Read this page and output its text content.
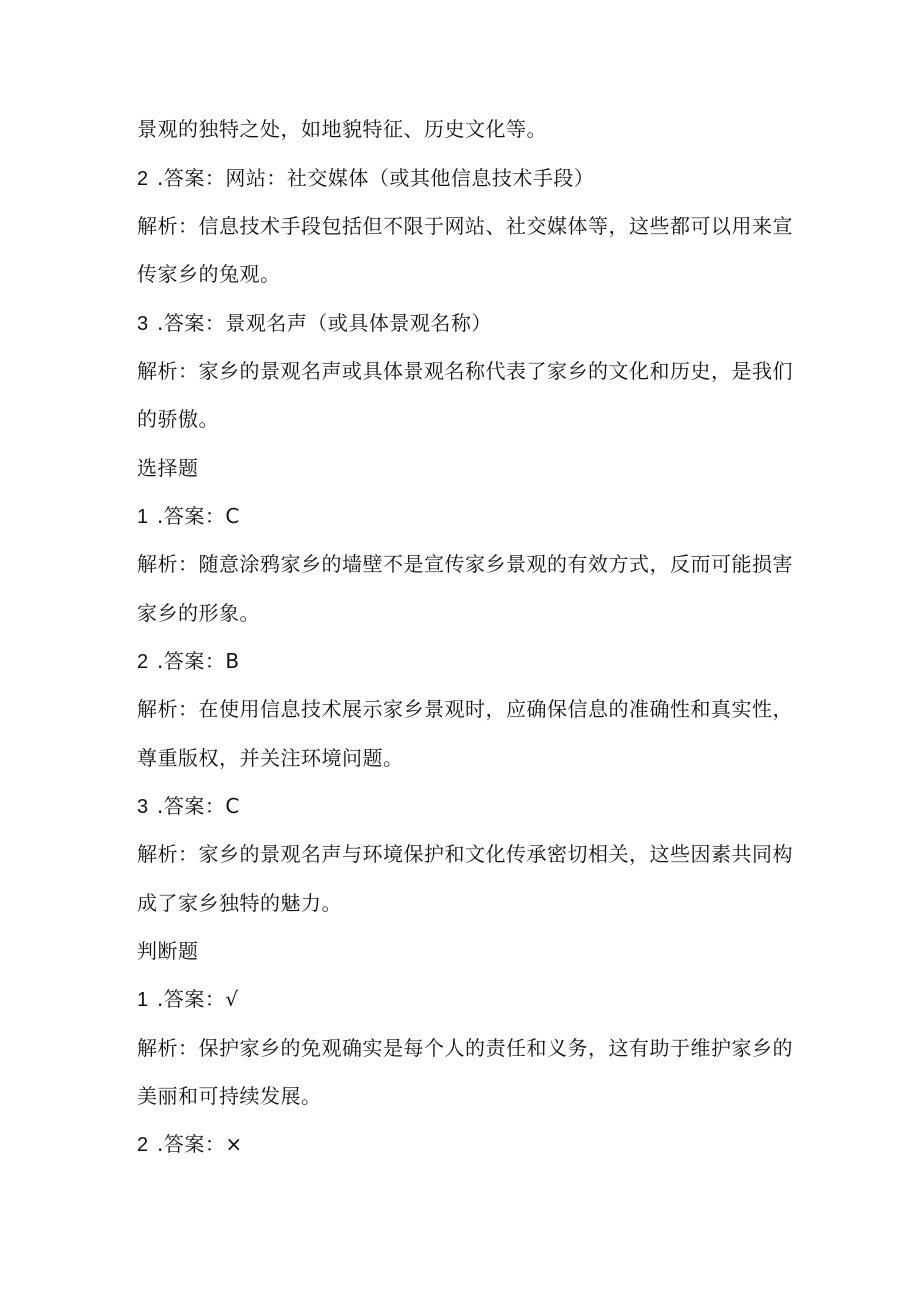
景观的独特之处，如地貌特征、历史文化等。
2 .答案：网站：社交媒体（或其他信息技术手段）
解析：信息技术手段包括但不限于网站、社交媒体等，这些都可以用来宣
传家乡的兔观。
3 .答案：景观名声（或具体景观名称）
解析：家乡的景观名声或具体景观名称代表了家乡的文化和历史，是我们
的骄傲。
选择题
1 .答案：C
解析：随意涂鸦家乡的墙壁不是宣传家乡景观的有效方式，反而可能损害
家乡的形象。
2 .答案：B
解析：在使用信息技术展示家乡景观时，应确保信息的准确性和真实性，
尊重版权，并关注环境问题。
3 .答案：C
解析：家乡的景观名声与环境保护和文化传承密切相关，这些因素共同构
成了家乡独特的魅力。
判断题
1 .答案：√
解析：保护家乡的免观确实是每个人的责任和义务，这有助于维护家乡的
美丽和可持续发展。
2 .答案：×
